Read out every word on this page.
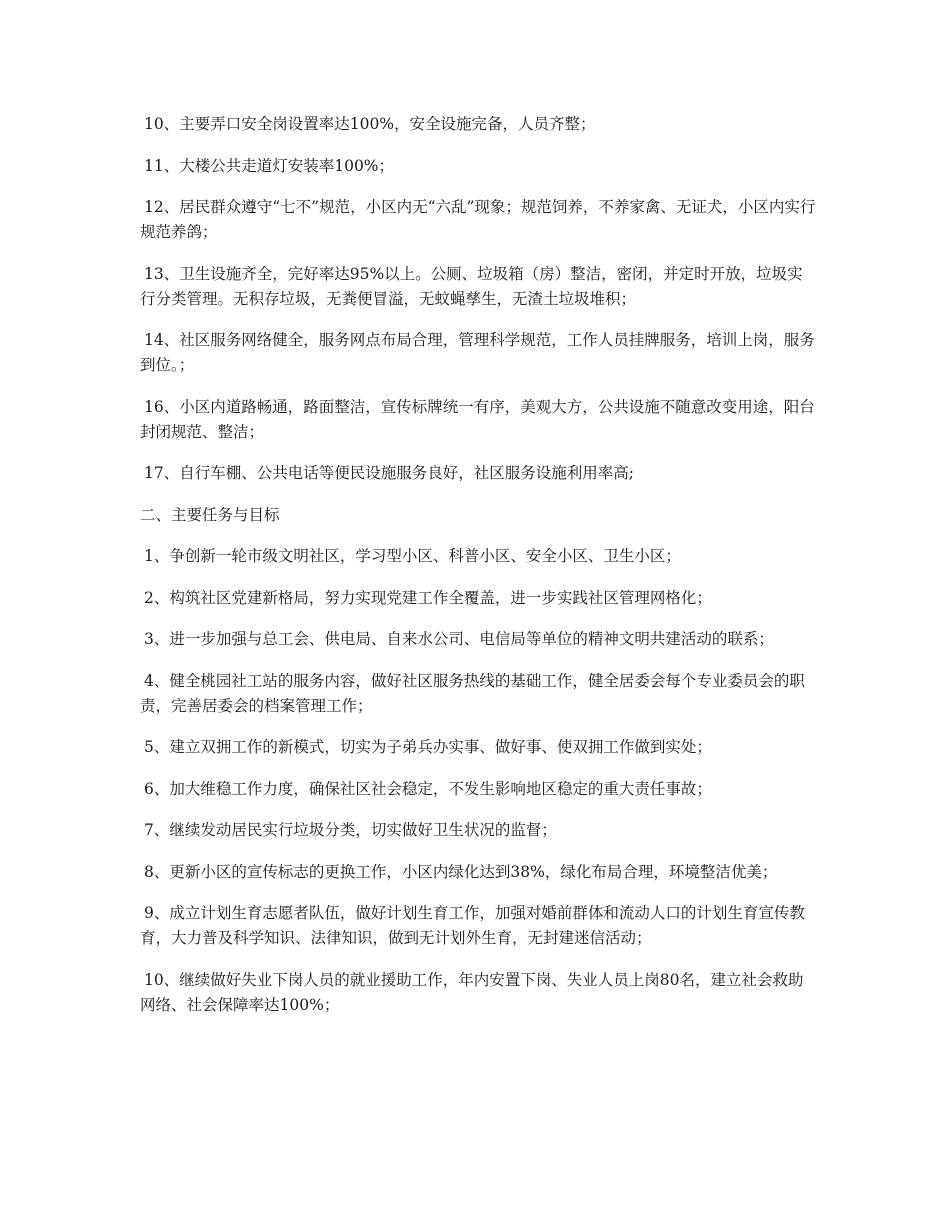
10、主要弄口安全岗设置率达100%，安全设施完备，人员齐整；

11、大楼公共走道灯安装率100%；

12、居民群众遵守“七不”规范，小区内无“六乱”现象；规范饲养，不养家禽、无证犬，小区内实行规范养鸽；

13、卫生设施齐全，完好率达95%以上。公厕、垃圾箱（房）整洁，密闭，并定时开放，垃圾实行分类管理。无积存垃圾，无粪便冒溢，无蚊蝇孳生，无渣土垃圾堆积；

14、社区服务网络健全，服务网点布局合理，管理科学规范，工作人员挂牌服务，培训上岗，服务到位。；

16、小区内道路畅通，路面整洁，宣传标牌统一有序，美观大方，公共设施不随意改变用途，阳台封闭规范、整洁；

17、自行车棚、公共电话等便民设施服务良好，社区服务设施利用率高;

二、主要任务与目标

1、争创新一轮市级文明社区，学习型小区、科普小区、安全小区、卫生小区；

2、构筑社区党建新格局，努力实现党建工作全覆盖，进一步实践社区管理网格化；

3、进一步加强与总工会、供电局、自来水公司、电信局等单位的精神文明共建活动的联系；

4、健全桃园社工站的服务内容，做好社区服务热线的基础工作，健全居委会每个专业委员会的职责，完善居委会的档案管理工作；

5、建立双拥工作的新模式，切实为子弟兵办实事、做好事、使双拥工作做到实处；

6、加大维稳工作力度，确保社区社会稳定，不发生影响地区稳定的重大责任事故；

7、继续发动居民实行垃圾分类，切实做好卫生状况的监督；

8、更新小区的宣传标志的更换工作，小区内绿化达到38%，绿化布局合理，环境整洁优美；

9、成立计划生育志愿者队伍，做好计划生育工作，加强对婚前群体和流动人口的计划生育宣传教育，大力普及科学知识、法律知识，做到无计划外生育，无封建迷信活动；

10、继续做好失业下岗人员的就业援助工作，年内安置下岗、失业人员上岗80名，建立社会救助网络、社会保障率达100%；
